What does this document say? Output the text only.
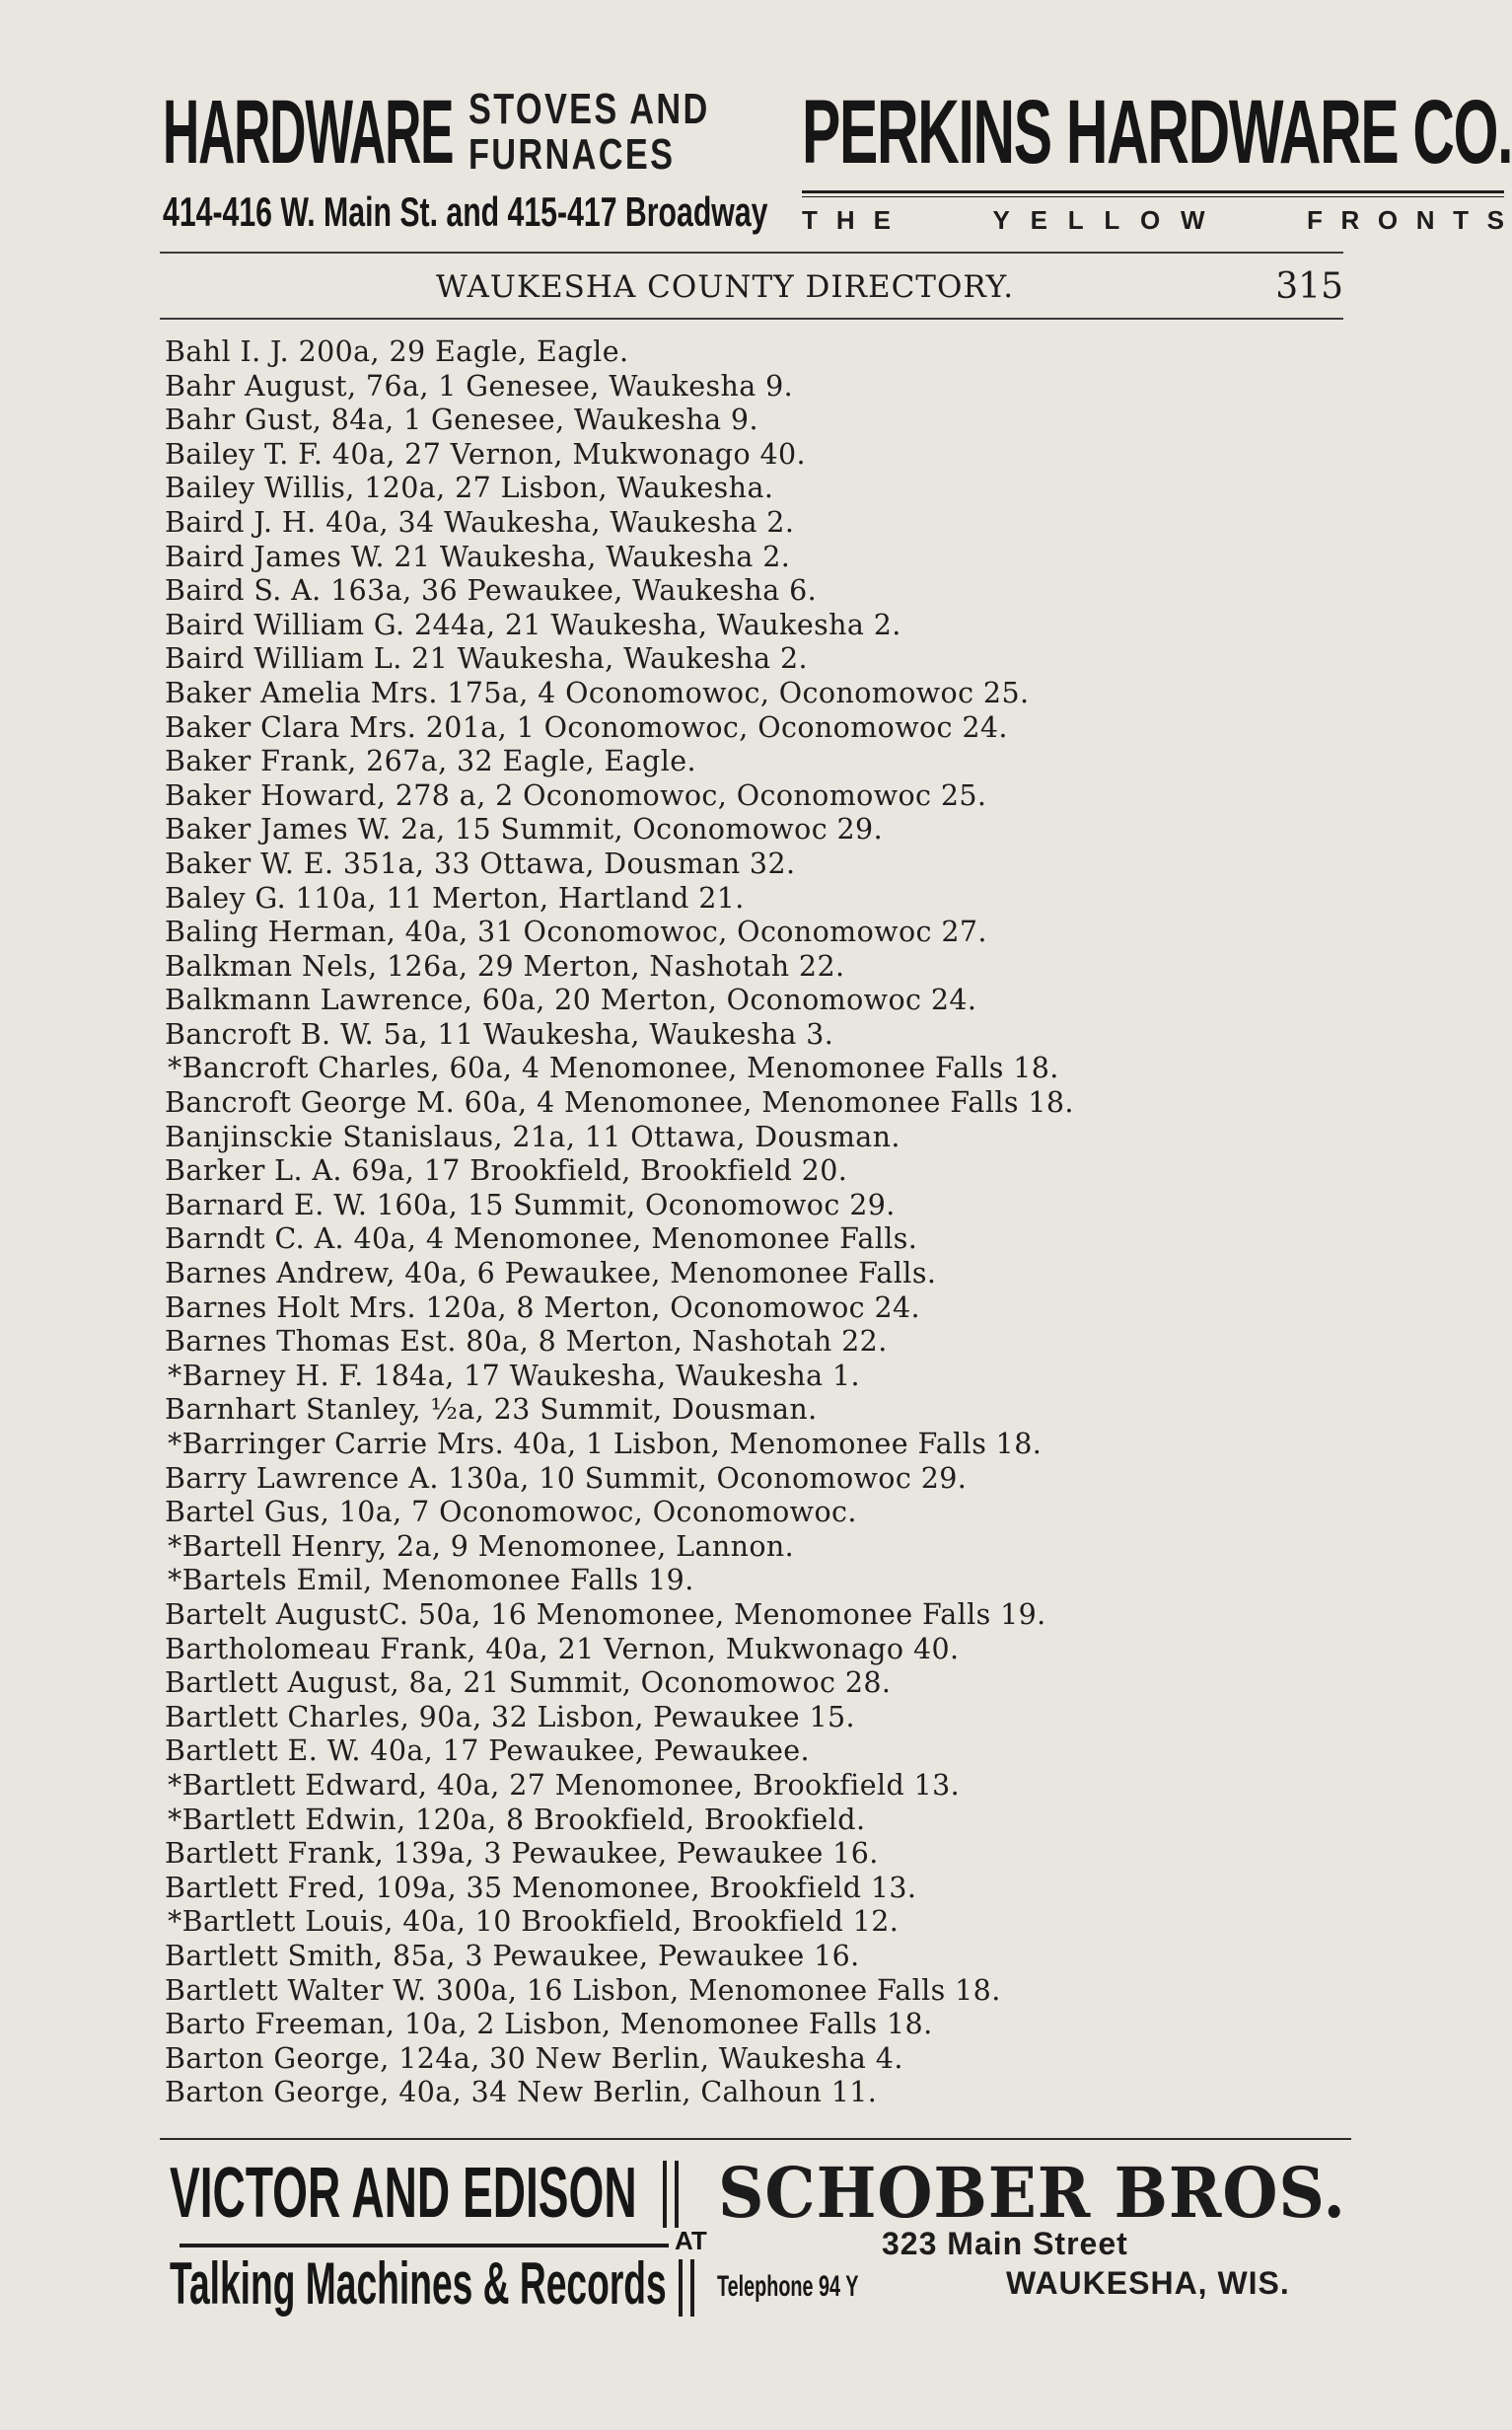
HARDWARE STOVES AND
FURNACES	PERKINS HARDWARE CO.
414-416 W. Main St. and 415-417 Broadway T H E	Y E L L O W	F R O N T S
WAUKESHA COUNTY DIRECTORY.	315
Bahl I. J. 200a, 29 Eagle, Eagle.
Bahr August, 76a, 1 Genesee, Waukesha 9.
Bahr Gust, 84a, 1 Genesee, Waukesha 9.
Bailey T. F. 40a, 27 Vernon, Mukwonago 40.
Bailey Willis, 120a, 27 Lisbon, Waukesha.
Baird J. H. 40a, 34 Waukesha, Waukesha 2.
Baird James W. 21 Waukesha, Waukesha 2.
Baird S. A. 163a, 36 Pewaukee, Waukesha 6.
Baird William G. 244a, 21 Waukesha, Waukesha 2.
Baird William L. 21 Waukesha, Waukesha 2.
Baker Amelia Mrs. 175a, 4 Oconomowoc, Oconomowoc 25.
Baker Clara Mrs. 201a, 1 Oconomowoc, Oconomowoc 24.
Baker Frank, 267a, 32 Eagle, Eagle.
Baker Howard, 278 a, 2 Oconomowoc, Oconomowoc 25.
Baker James W. 2a, 15 Summit, Oconomowoc 29.
Baker W. E. 351a, 33 Ottawa, Dousman 32.
Baley G. 110a, 11 Merton, Hartland 21.
Baling Herman, 40a, 31 Oconomowoc, Oconomowoc 27.
Balkman Nels, 126a, 29 Merton, Nashotah 22.
Balkmann Lawrence, 60a, 20 Merton, Oconomowoc 24.
Bancroft B. W. 5a, 11 Waukesha, Waukesha 3.
*Bancroft Charles, 60a, 4 Menomonee, Menomonee Falls 18.
Bancroft George M. 60a, 4 Menomonee, Menomonee Falls 18.
Banjinsckie Stanislaus, 21a, 11 Ottawa, Dousman.
Barker L. A. 69a, 17 Brookfield, Brookfield 20.
Barnard E. W. 160a, 15 Summit, Oconomowoc 29.
Barndt C. A. 40a, 4 Menomonee, Menomonee Falls.
Barnes Andrew, 40a, 6 Pewaukee, Menomonee Falls.
Barnes Holt Mrs. 120a, 8 Merton, Oconomowoc 24.
Barnes Thomas Est. 80a, 8 Merton, Nashotah 22.
*Barney H. F. 184a, 17 Waukesha, Waukesha 1.
Barnhart Stanley, ½a, 23 Summit, Dousman.
*Barringer Carrie Mrs. 40a, 1 Lisbon, Menomonee Falls 18.
Barry Lawrence A. 130a, 10 Summit, Oconomowoc 29.
Bartel Gus, 10a, 7 Oconomowoc, Oconomowoc.
*Bartell Henry, 2a, 9 Menomonee, Lannon.
*Bartels Emil, Menomonee Falls 19.
Bartelt AugustC. 50a, 16 Menomonee, Menomonee Falls 19.
Bartholomeau Frank, 40a, 21 Vernon, Mukwonago 40.
Bartlett August, 8a, 21 Summit, Oconomowoc 28.
Bartlett Charles, 90a, 32 Lisbon, Pewaukee 15.
Bartlett E. W. 40a, 17 Pewaukee, Pewaukee.
*Bartlett Edward, 40a, 27 Menomonee, Brookfield 13.
*Bartlett Edwin, 120a, 8 Brookfield, Brookfield.
Bartlett Frank, 139a, 3 Pewaukee, Pewaukee 16.
Bartlett Fred, 109a, 35 Menomonee, Brookfield 13.
*Bartlett Louis, 40a, 10 Brookfield, Brookfield 12.
Bartlett Smith, 85a, 3 Pewaukee, Pewaukee 16.
Bartlett Walter W. 300a, 16 Lisbon, Menomonee Falls 18.
Barto Freeman, 10a, 2 Lisbon, Menomonee Falls 18.
Barton George, 124a, 30 New Berlin, Waukesha 4.
Barton George, 40a, 34 New Berlin, Calhoun 11.
VICTOR AND EDISON
Talking Machines & Records
AT
SCHOBER BROS.
323 Main Street
Telephone 94 Y	WAUKESHA, WIS.
